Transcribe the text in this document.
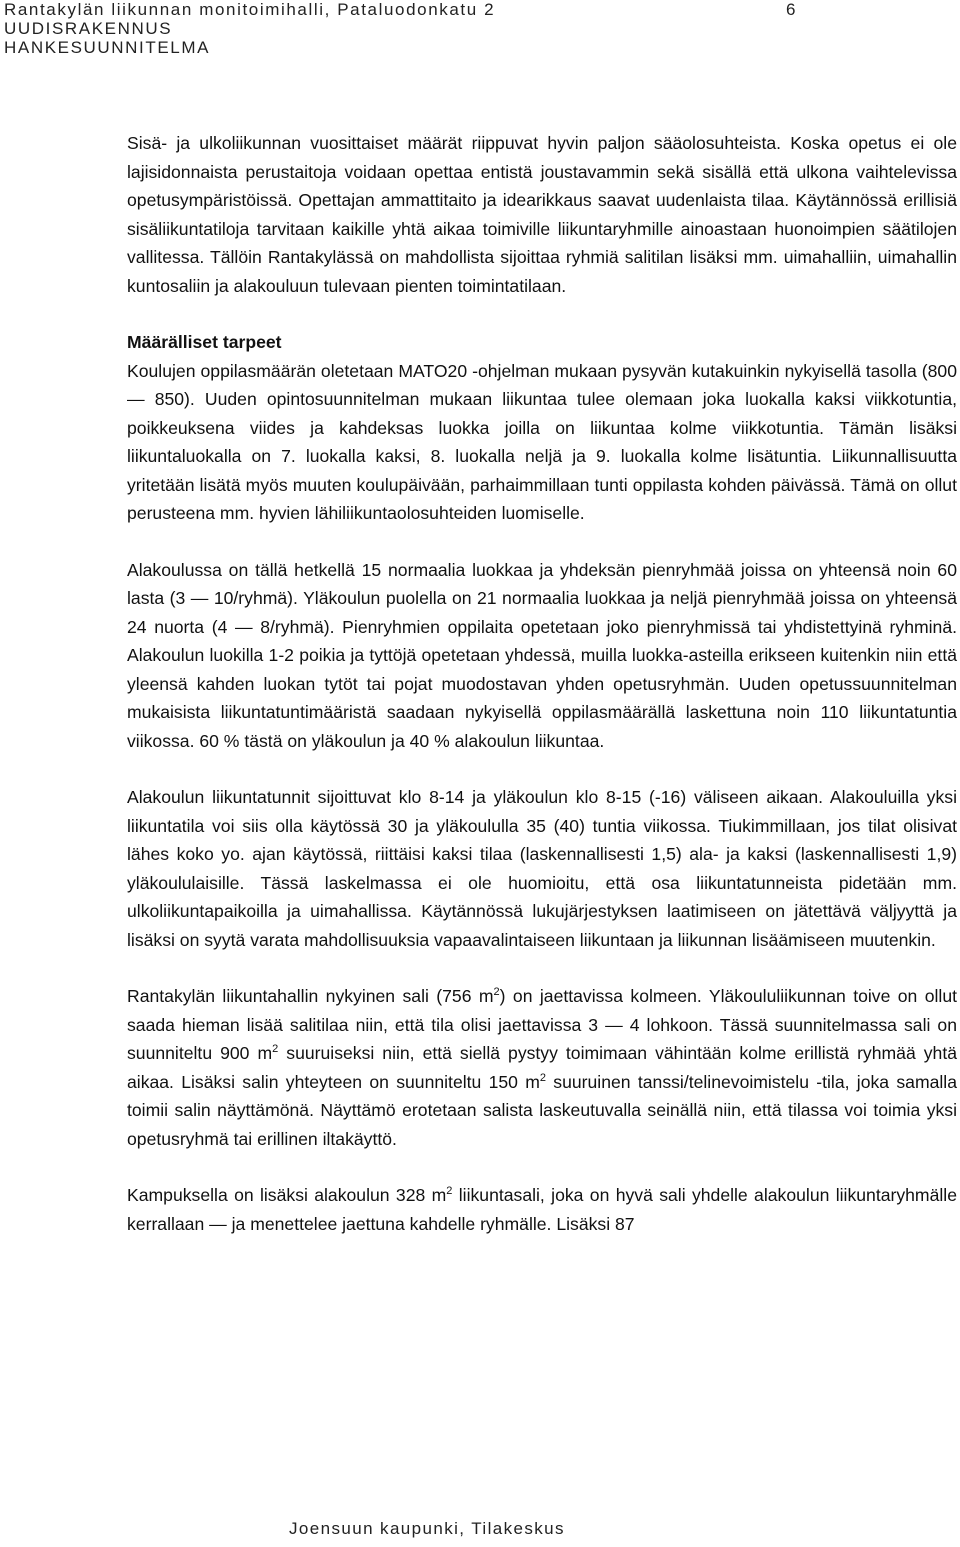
Rantakylän liikunnan monitoimihalli, Pataluodonkatu 2
UUDISRAKENNUS
HANKESUUNNITELMA
6

Sisä- ja ulkoliikunnan vuosittaiset määrät riippuvat hyvin paljon sääolosuhteista. Koska opetus ei ole lajisidonnaista perustaitoja voidaan opettaa entistä joustavammin sekä sisällä että ulkona vaihtelevissa opetusympäristöissä. Opettajan ammattitaito ja idearikkaus saavat uudenlaista tilaa. Käytännössä erillisiä sisäliikuntatiloja tarvitaan kaikille yhtä aikaa toimiville liikuntaryhmille ainoastaan huonoimpien säätilojen vallitessa. Tällöin Rantakylässä on mahdollista sijoittaa ryhmiä salitilan lisäksi mm. uimahalliin, uimahallin kuntosaliin ja alakouluun tulevaan pienten toimintatilaan.

Määrälliset tarpeet
Koulujen oppilasmäärän oletetaan MATO20 -ohjelman mukaan pysyvän kutakuinkin nykyisellä tasolla (800 — 850). Uuden opintosuunnitelman mukaan liikuntaa tulee olemaan joka luokalla kaksi viikkotuntia, poikkeuksena viides ja kahdeksas luokka joilla on liikuntaa kolme viikkotuntia. Tämän lisäksi liikuntaluokalla on 7. luokalla kaksi, 8. luokalla neljä ja 9. luokalla kolme lisätuntia. Liikunnallisuutta yritetään lisätä myös muuten koulupäivään, parhaimmillaan tunti oppilasta kohden päivässä. Tämä on ollut perusteena mm. hyvien lähiliikuntaolosuhteiden luomiselle.

Alakoulussa on tällä hetkellä 15 normaalia luokkaa ja yhdeksän pienryhmää joissa on yhteensä noin 60 lasta (3 — 10/ryhmä). Yläkoulun puolella on 21 normaalia luokkaa ja neljä pienryhmää joissa on yhteensä 24 nuorta (4 — 8/ryhmä). Pienryhmien oppilaita opetetaan joko pienryhmissä tai yhdistettyinä ryhminä. Alakoulun luokilla 1-2 poikia ja tyttöjä opetetaan yhdessä, muilla luokka-asteilla erikseen kuitenkin niin että yleensä kahden luokan tytöt tai pojat muodostavan yhden opetusryhmän. Uuden opetussuunnitelman mukaisista liikuntatuntimääristä saadaan nykyisellä oppilasmäärällä laskettuna noin 110 liikuntatuntia viikossa. 60 % tästä on yläkoulun ja 40 % alakoulun liikuntaa.

Alakoulun liikuntatunnit sijoittuvat klo 8-14 ja yläkoulun klo 8-15 (-16) väliseen aikaan. Alakouluilla yksi liikuntatila voi siis olla käytössä 30 ja yläkoululla 35 (40) tuntia viikossa. Tiukimmillaan, jos tilat olisivat lähes koko yo. ajan käytössä, riittäisi kaksi tilaa (laskennallisesti 1,5) ala- ja kaksi (laskennallisesti 1,9) yläkoululaisille. Tässä laskelmassa ei ole huomioitu, että osa liikuntatunneista pidetään mm. ulkoliikuntapaikoilla ja uimahallissa. Käytännössä lukujärjestyksen laatimiseen on jätettävä väljyyttä ja lisäksi on syytä varata mahdollisuuksia vapaavalintaiseen liikuntaan ja liikunnan lisäämiseen muutenkin.

Rantakylän liikuntahallin nykyinen sali (756 $m^2$) on jaettavissa kolmeen. Yläkoululiikunnan toive on ollut saada hieman lisää salitilaa niin, että tila olisi jaettavissa 3 — 4 lohkoon. Tässä suunnitelmassa sali on suunniteltu 900 $m^2$ suuruiseksi niin, että siellä pystyy toimimaan vähintään kolme erillistä ryhmää yhtä aikaa. Lisäksi salin yhteyteen on suunniteltu 150 $m^2$ suuruinen tanssi/telinevoimistelu -tila, joka samalla toimii salin näyttämönä. Näyttämö erotetaan salista laskeutuvalla seinällä niin, että tilassa voi toimia yksi opetusryhmä tai erillinen iltakäyttö.

Kampuksella on lisäksi alakoulun 328 $m^2$ liikuntasali, joka on hyvä sali yhdelle alakoulun liikuntaryhmälle kerrallaan — ja menettelee jaettuna kahdelle ryhmälle. Lisäksi 87

Joensuun kaupunki, Tilakeskus
